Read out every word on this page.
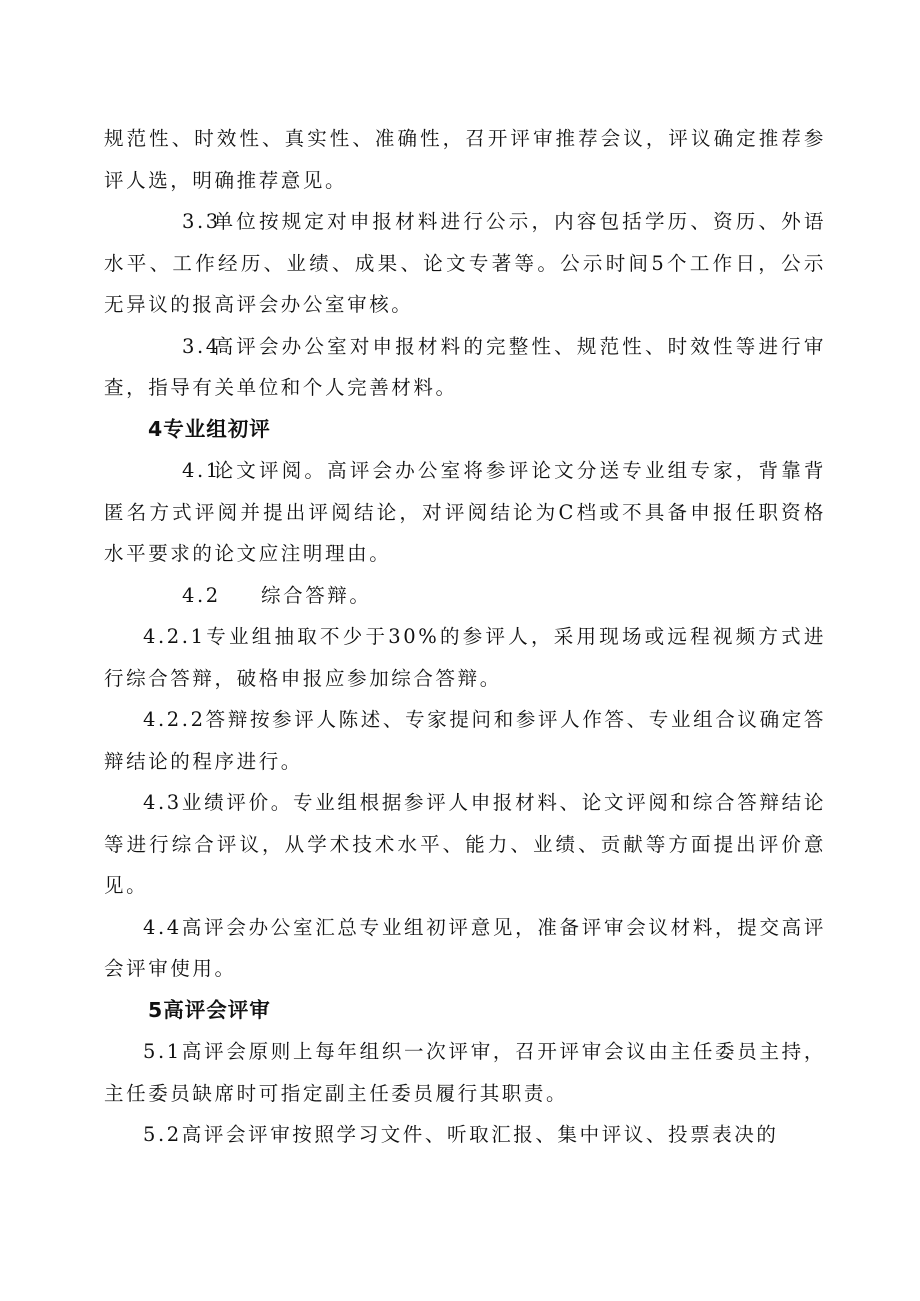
规范性、时效性、真实性、准确性，召开评审推荐会议，评议确定推荐参评人选，明确推荐意见。

3.3单位按规定对申报材料进行公示，内容包括学历、资历、外语水平、工作经历、业绩、成果、论文专著等。公示时间5个工作日，公示无异议的报高评会办公室审核。

3.4高评会办公室对申报材料的完整性、规范性、时效性等进行审查，指导有关单位和个人完善材料。

4专业组初评

4.1论文评阅。高评会办公室将参评论文分送专业组专家，背靠背匿名方式评阅并提出评阅结论，对评阅结论为C档或不具备申报任职资格水平要求的论文应注明理由。

4.2 综合答辩。

4.2.1专业组抽取不少于30%的参评人，采用现场或远程视频方式进行综合答辩，破格申报应参加综合答辩。

4.2.2答辩按参评人陈述、专家提问和参评人作答、专业组合议确定答辩结论的程序进行。

4.3业绩评价。专业组根据参评人申报材料、论文评阅和综合答辩结论等进行综合评议，从学术技术水平、能力、业绩、贡献等方面提出评价意见。

4.4高评会办公室汇总专业组初评意见，准备评审会议材料，提交高评会评审使用。

5高评会评审

5.1高评会原则上每年组织一次评审，召开评审会议由主任委员主持，主任委员缺席时可指定副主任委员履行其职责。

5.2高评会评审按照学习文件、听取汇报、集中评议、投票表决的
